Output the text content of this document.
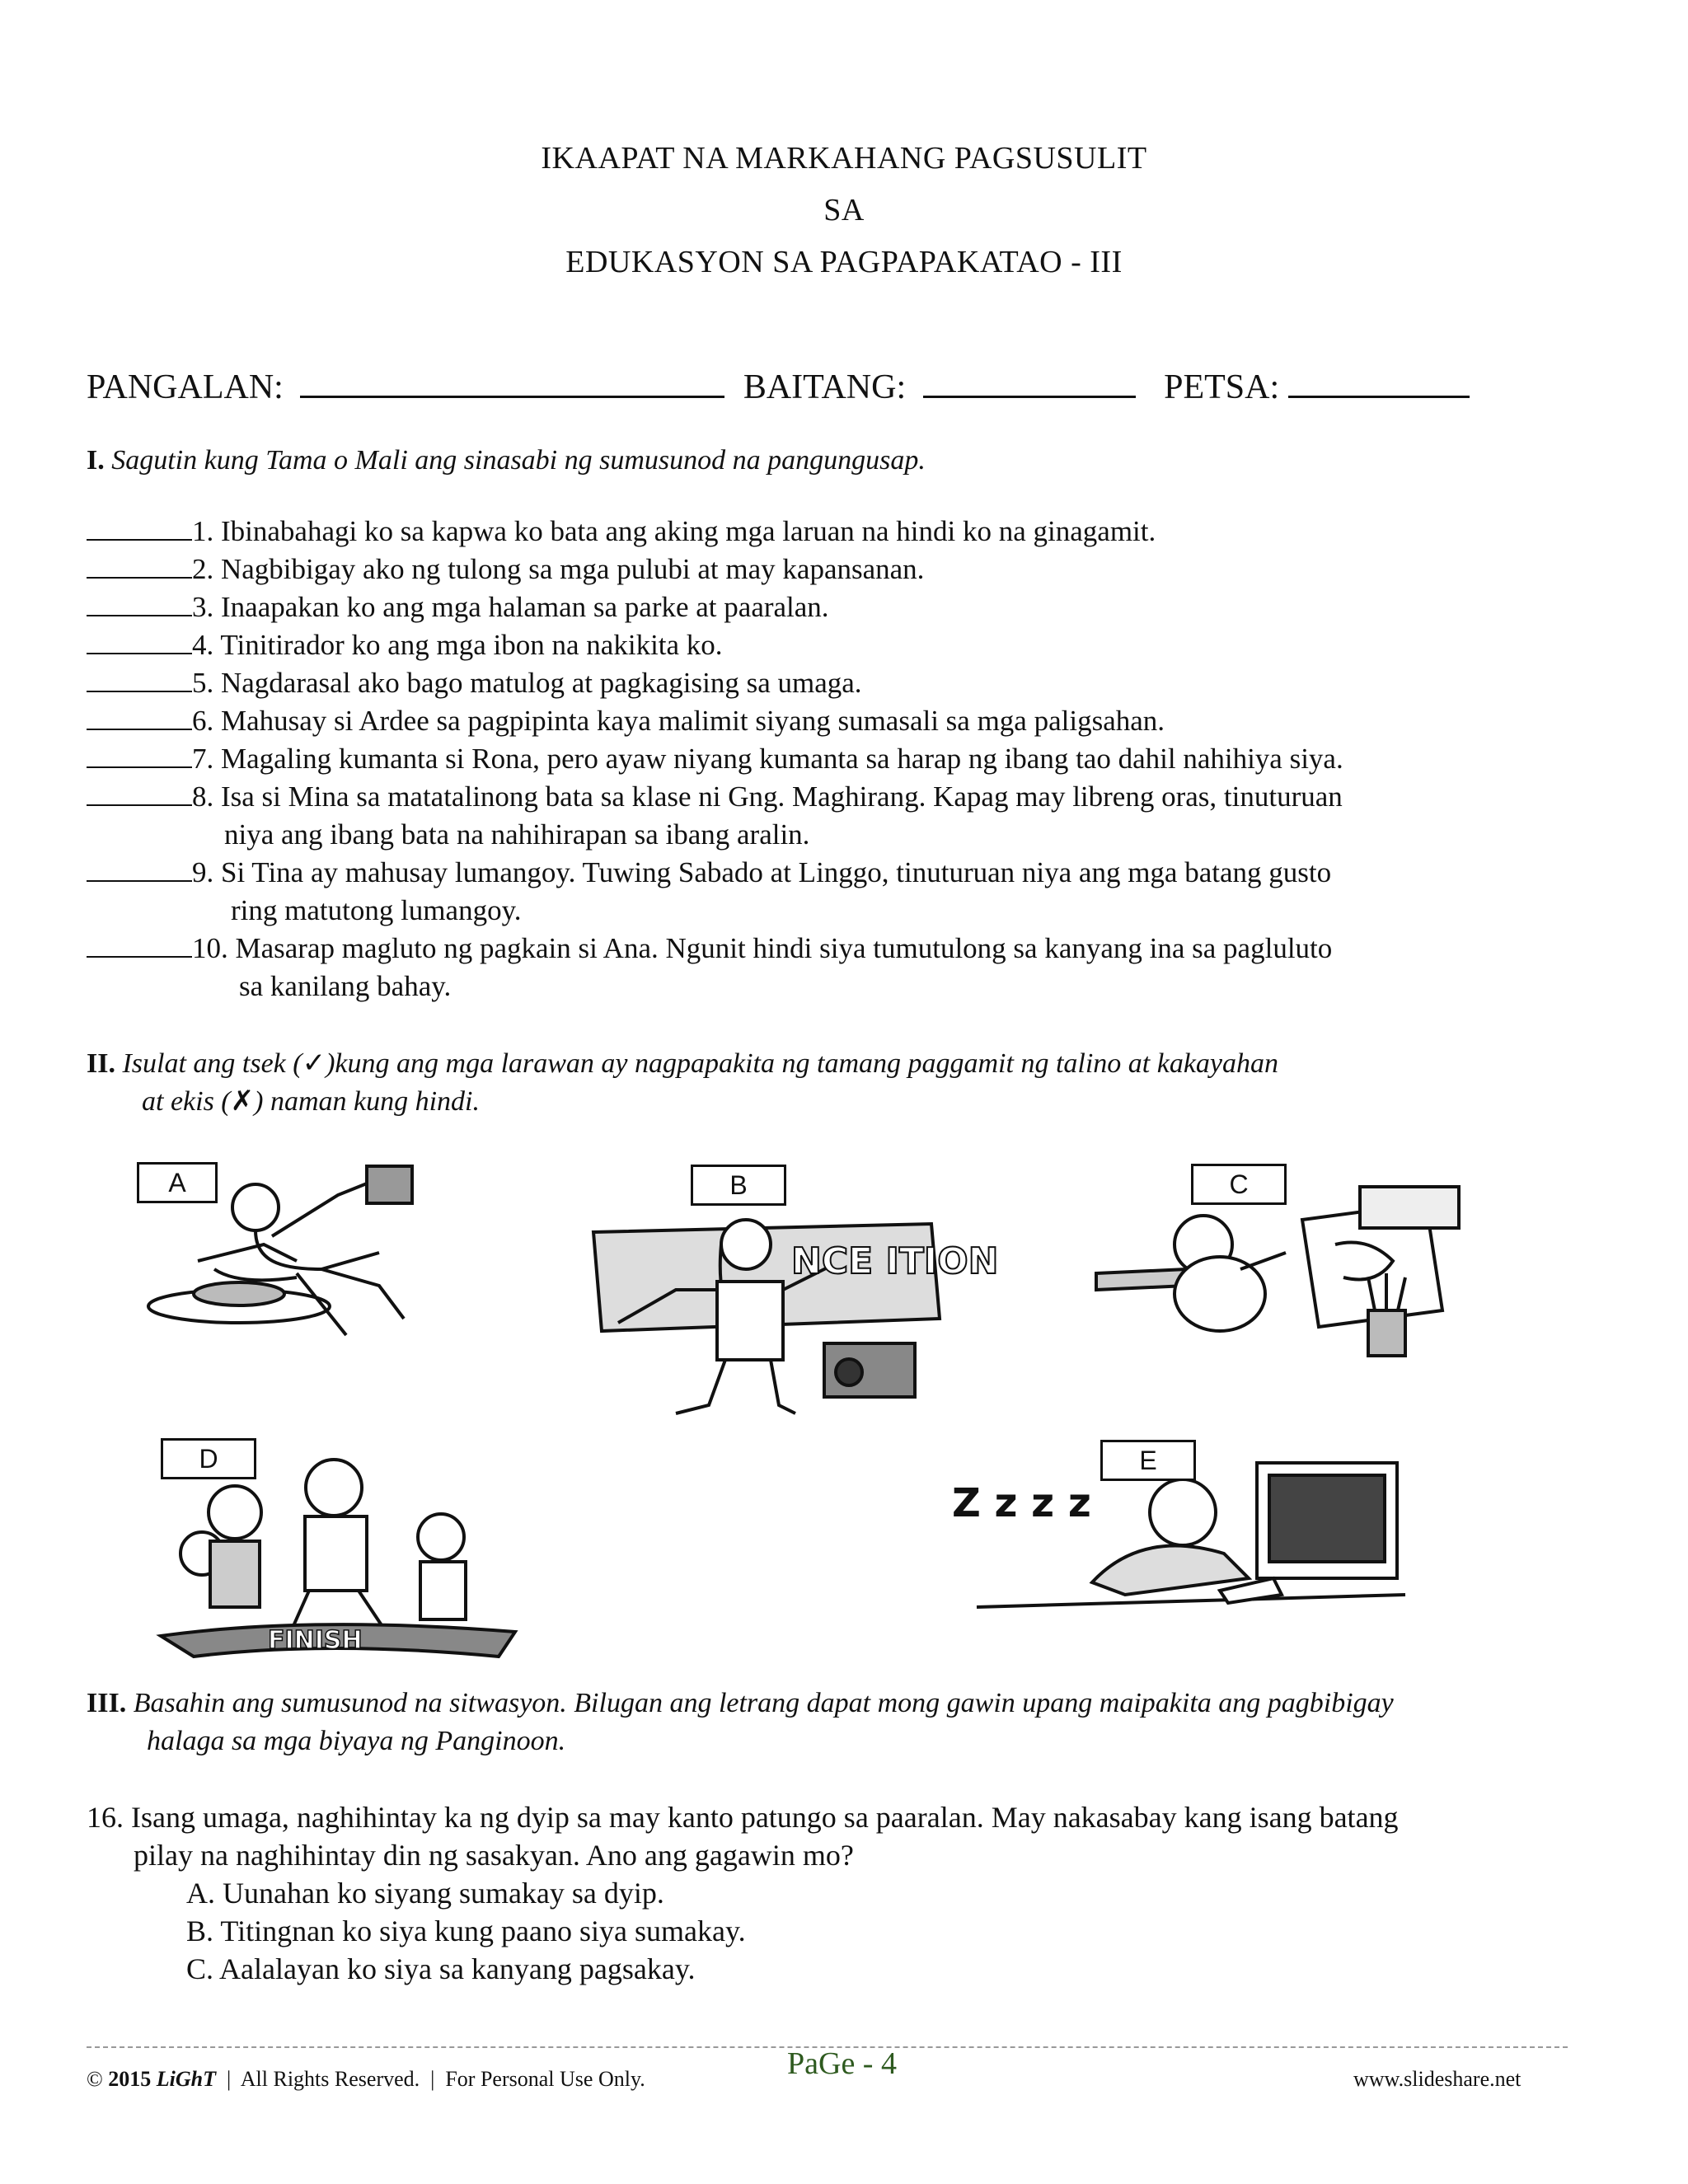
IKAAPAT NA MARKAHANG PAGSUSULIT
SA
EDUKASYON SA PAGPAPAKATAO - III
PANGALAN:	BAITANG:	PETSA:
I. Sagutin kung Tama o Mali ang sinasabi ng sumusunod na pangungusap.
1. Ibinabahagi ko sa kapwa ko bata ang aking mga laruan na hindi ko na ginagamit.
2. Nagbibigay ako ng tulong sa mga pulubi at may kapansanan.
3. Inaapakan ko ang mga halaman sa parke at paaralan.
4. Tinitirador ko ang mga ibon na nakikita ko.
5. Nagdarasal ako bago matulog at pagkagising sa umaga.
6. Mahusay si Ardee sa pagpipinta kaya malimit siyang sumasali sa mga paligsahan.
7. Magaling kumanta si Rona, pero ayaw niyang kumanta sa harap ng ibang tao dahil nahihiya siya.
8. Isa si Mina sa matatalinong bata sa klase ni Gng. Maghirang. Kapag may libreng oras, tinuturuan
niya ang ibang bata na nahihirapan sa ibang aralin.
9. Si Tina ay mahusay lumangoy. Tuwing Sabado at Linggo, tinuturuan niya ang mga batang gusto
ring matutong lumangoy.
10. Masarap magluto ng pagkain si Ana. Ngunit hindi siya tumutulong sa kanyang ina sa pagluluto
sa kanilang bahay.
II. Isulat ang tsek (✓)kung ang mga larawan ay nagpapakita ng tamang paggamit ng talino at kakayahan
at ekis (✗) naman kung hindi.
A
NCE ITION
B	C
FINISH
D
Z z z z
E
III. Basahin ang sumusunod na sitwasyon. Bilugan ang letrang dapat mong gawin upang maipakita ang pagbibigay
halaga sa mga biyaya ng Panginoon.
16. Isang umaga, naghihintay ka ng dyip sa may kanto patungo sa paaralan. May nakasabay kang isang batang
pilay na naghihintay din ng sasakyan. Ano ang gagawin mo?
A. Uunahan ko siyang sumakay sa dyip.
B. Titingnan ko siya kung paano siya sumakay.
C. Aalalayan ko siya sa kanyang pagsakay.
© 2015 LiGhT  |  All Rights Reserved.  |  For Personal Use Only.	PaGe - 4	www.slideshare.net
